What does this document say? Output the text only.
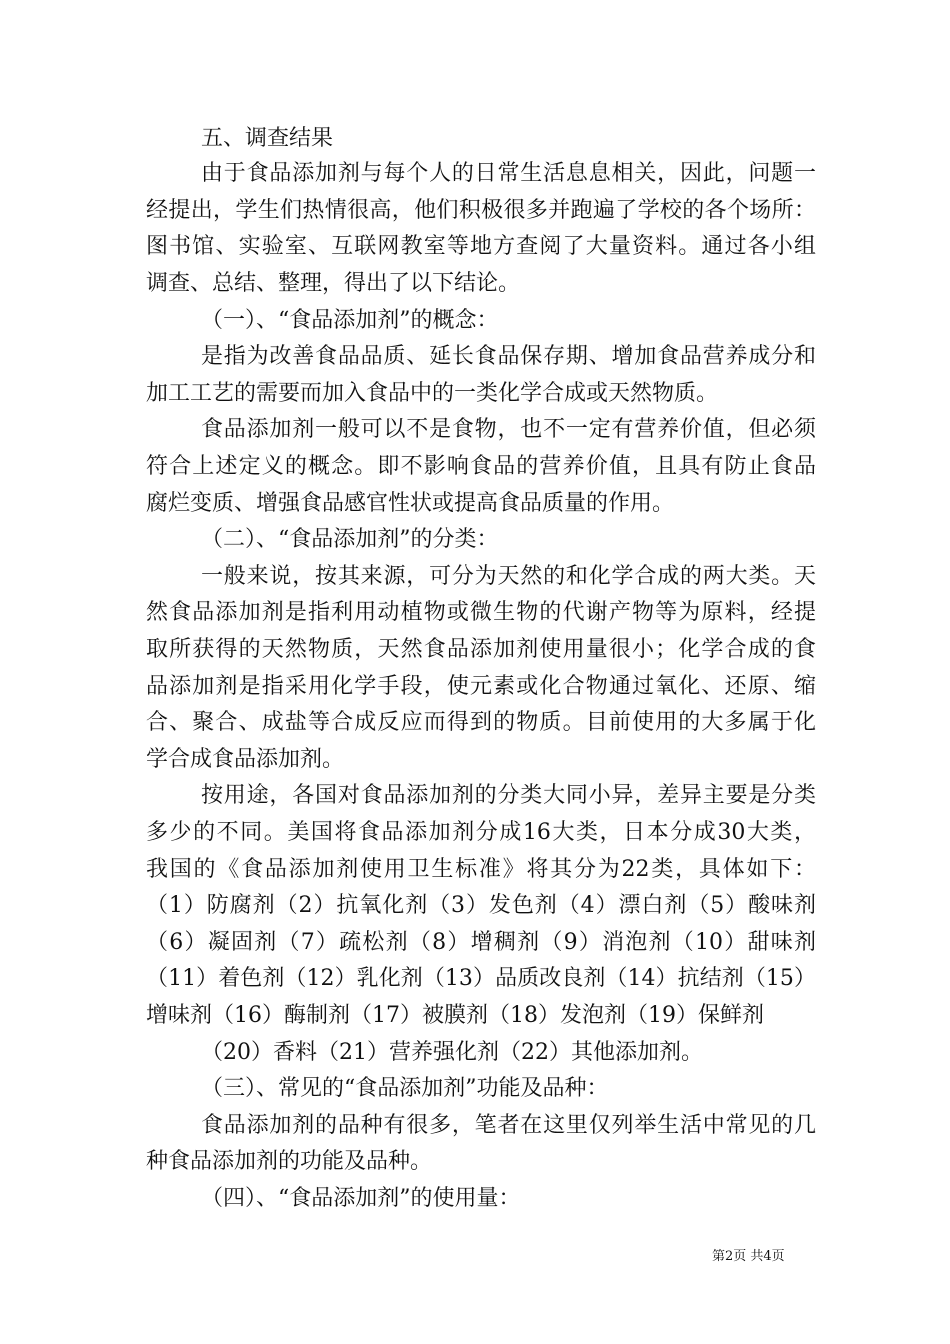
五、调查结果
由于食品添加剂与每个人的日常生活息息相关，因此，问题一
经提出，学生们热情很高，他们积极很多并跑遍了学校的各个场所：
图书馆、实验室、互联网教室等地方查阅了大量资料。通过各小组
调查、总结、整理，得出了以下结论。
（一）、“食品添加剂”的概念：
是指为改善食品品质、延长食品保存期、增加食品营养成分和
加工工艺的需要而加入食品中的一类化学合成或天然物质。
食品添加剂一般可以不是食物，也不一定有营养价值，但必须
符合上述定义的概念。即不影响食品的营养价值，且具有防止食品
腐烂变质、增强食品感官性状或提高食品质量的作用。
（二）、“食品添加剂”的分类：
一般来说，按其来源，可分为天然的和化学合成的两大类。天
然食品添加剂是指利用动植物或微生物的代谢产物等为原料，经提
取所获得的天然物质，天然食品添加剂使用量很小；化学合成的食
品添加剂是指采用化学手段，使元素或化合物通过氧化、还原、缩
合、聚合、成盐等合成反应而得到的物质。目前使用的大多属于化
学合成食品添加剂。
按用途，各国对食品添加剂的分类大同小异，差异主要是分类
多少的不同。美国将食品添加剂分成16大类，日本分成30大类，
我国的《食品添加剂使用卫生标准》将其分为22类，具体如下：
（1）防腐剂（2）抗氧化剂（3）发色剂（4）漂白剂（5）酸味剂
（6）凝固剂（7）疏松剂（8）增稠剂（9）消泡剂（10）甜味剂
（11）着色剂（12）乳化剂（13）品质改良剂（14）抗结剂（15）
增味剂（16）酶制剂（17）被膜剂（18）发泡剂（19）保鲜剂
（20）香料（21）营养强化剂（22）其他添加剂。
（三）、常见的“食品添加剂”功能及品种：
食品添加剂的品种有很多，笔者在这里仅列举生活中常见的几
种食品添加剂的功能及品种。
（四）、“食品添加剂”的使用量：
第2页 共4页
